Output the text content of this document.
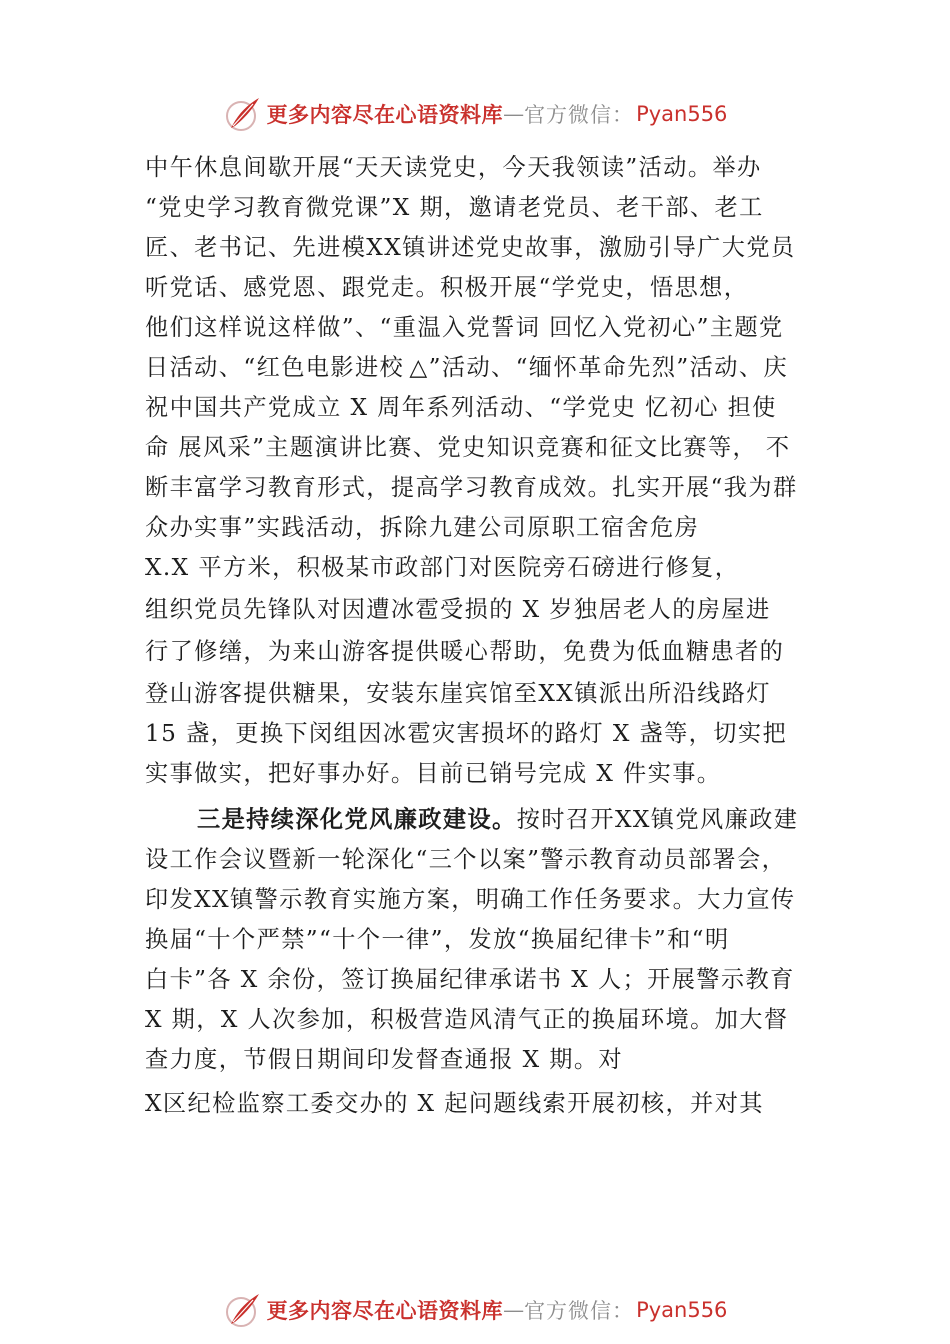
更多内容尽在心语资料库 — 官方微信： Pyan556
中午休息间歇开展“天天读党史，今天我领读”活动。举办
“党史学习教育微党课”X 期，邀请老党员、老干部、老工
匠、老书记、先进模XX镇讲述党史故事，激励引导广大党员
听党话、感党恩、跟党走。积极开展“学党史，悟思想，
他们这样说这样做”、“重温入党誓词 回忆入党初心”主题党
日活动、“红色电影进校 △”活动、“缅怀革命先烈”活动、庆
祝中国共产党成立 X 周年系列活动、“学党史 忆初心 担使
命 展风采”主题演讲比赛、党史知识竞赛和征文比赛等， 不
断丰富学习教育形式，提高学习教育成效。扎实开展“我为群
众办实事”实践活动，拆除九建公司原职工宿舍危房
X.X 平方米，积极某市政部门对医院旁石磅进行修复，
组织党员先锋队对因遭冰雹受损的 X 岁独居老人的房屋进
行了修缮，为来山游客提供暖心帮助，免费为低血糖患者的
登山游客提供糖果，安装东崖宾馆至XX镇派出所沿线路灯
15 盏，更换下闵组因冰雹灾害损坏的路灯 X 盏等，切实把
实事做实，把好事办好。目前已销号完成 X 件实事。
三是持续深化党风廉政建设。按时召开XX镇党风廉政建
设工作会议暨新一轮深化“三个以案”警示教育动员部署会，
印发XX镇警示教育实施方案，明确工作任务要求。大力宣传
换届“十个严禁”“十个一律”，发放“换届纪律卡”和“明
白卡”各 X 余份，签订换届纪律承诺书 X 人；开展警示教育
X 期，X 人次参加，积极营造风清气正的换届环境。加大督
查力度，节假日期间印发督查通报 X 期。对
X区纪检监察工委交办的 X 起问题线索开展初核，并对其
更多内容尽在心语资料库 — 官方微信： Pyan556
